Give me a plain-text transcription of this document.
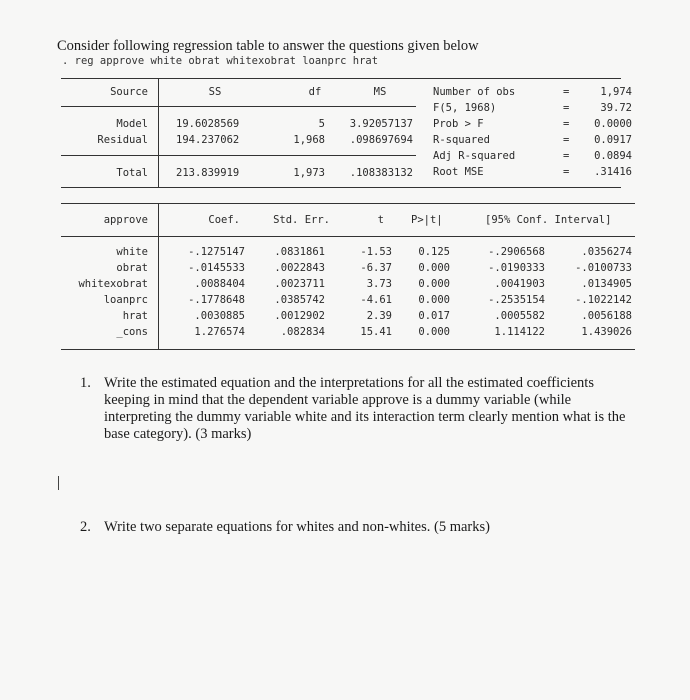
Consider following regression table to answer the questions given below
. reg approve white obrat whitexobrat loanprc hrat
Source	SS	df	MS
Model	19.6028569	5	3.92057137
Residual	194.237062	1,968	.098697694
Total	213.839919	1,973	.108383132
Number of obs	=	1,974
F(5, 1968)	=	39.72
Prob > F	=	0.0000
R-squared	=	0.0917
Adj R-squared	=	0.0894
Root MSE	=	.31416
approve	Coef.	Std. Err.	t	P>|t|	[95% Conf. Interval]
white	-.1275147	.0831861	-1.53	0.125	-.2906568	.0356274
obrat	-.0145533	.0022843	-6.37	0.000	-.0190333	-.0100733
whitexobrat	.0088404	.0023711	3.73	0.000	.0041903	.0134905
loanprc	-.1778648	.0385742	-4.61	0.000	-.2535154	-.1022142
hrat	.0030885	.0012902	2.39	0.017	.0005582	.0056188
_cons	1.276574	.082834	15.41	0.000	1.114122	1.439026
1. Write the estimated equation and the interpretations for all the estimated coefficients keeping in mind that the dependent variable approve is a dummy variable (while interpreting the dummy variable white and its interaction term clearly mention what is the base category). (3 marks)
2. Write two separate equations for whites and non-whites. (5 marks)
